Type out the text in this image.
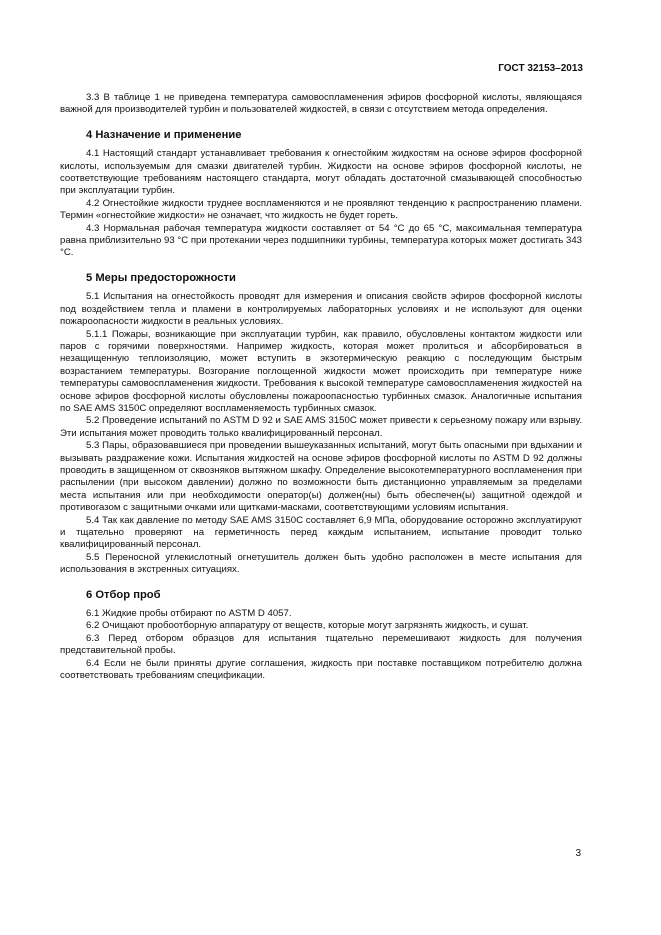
ГОСТ 32153–2013

3.3 В таблице 1 не приведена температура самовоспламенения эфиров фосфорной кислоты, являющаяся важной для производителей турбин и пользователей жидкостей, в связи с отсутствием метода определения.

4 Назначение и применение

4.1 Настоящий стандарт устанавливает требования к огнестойким жидкостям на основе эфиров фосфорной кислоты, используемым для смазки двигателей турбин. Жидкости на основе эфиров фосфорной кислоты, не соответствующие требованиям настоящего стандарта, могут обладать достаточной смазывающей способностью при эксплуатации турбин.

4.2 Огнестойкие жидкости труднее воспламеняются и не проявляют тенденцию к распространению пламени. Термин «огнестойкие жидкости» не означает, что жидкость не будет гореть.

4.3 Нормальная рабочая температура жидкости составляет от 54 °С до 65 °С, максимальная температура равна приблизительно 93 °С при протекании через подшипники турбины, температура которых может достигать 343 °С.

5 Меры предосторожности

5.1 Испытания на огнестойкость проводят для измерения и описания свойств эфиров фосфорной кислоты под воздействием тепла и пламени в контролируемых лабораторных условиях и не используют для оценки пожароопасности жидкости в реальных условиях.

5.1.1 Пожары, возникающие при эксплуатации турбин, как правило, обусловлены контактом жидкости или паров с горячими поверхностями. Например жидкость, которая может пролиться и абсорбироваться в незащищенную теплоизоляцию, может вступить в экзотермическую реакцию с последующим быстрым возрастанием температуры. Возгорание поглощенной жидкости может происходить при температуре ниже температуры самовоспламенения жидкости. Требования к высокой температуре самовоспламенения жидкостей на основе эфиров фосфорной кислоты обусловлены пожароопасностью турбинных смазок. Аналогичные испытания по SAE AMS 3150C определяют воспламеняемость турбинных смазок.

5.2 Проведение испытаний по ASTM D 92 и SAE AMS 3150C может привести к серьезному пожару или взрыву. Эти испытания может проводить только квалифицированный персонал.

5.3 Пары, образовавшиеся при проведении вышеуказанных испытаний, могут быть опасными при вдыхании и вызывать раздражение кожи. Испытания жидкостей на основе эфиров фосфорной кислоты по ASTM D 92 должны проводить в защищенном от сквозняков вытяжном шкафу. Определение высокотемпературного воспламенения при распылении (при высоком давлении) должно по возможности быть дистанционно управляемым за пределами места испытания или при необходимости оператор(ы) должен(ны) быть обеспечен(ы) защитной одеждой и противогазом с защитными очками или щитками-масками, соответствующими условиям испытания.

5.4 Так как давление по методу SAE AMS 3150C составляет 6,9 МПа, оборудование осторожно эксплуатируют и тщательно проверяют на герметичность перед каждым испытанием, испытание проводит только квалифицированный персонал.

5.5 Переносной углекислотный огнетушитель должен быть удобно расположен в месте испытания для использования в экстренных ситуациях.

6 Отбор проб

6.1 Жидкие пробы отбирают по ASTM D 4057.

6.2 Очищают пробоотборную аппаратуру от веществ, которые могут загрязнять жидкость, и сушат.

6.3 Перед отбором образцов для испытания тщательно перемешивают жидкость для получения представительной пробы.

6.4 Если не были приняты другие соглашения, жидкость при поставке поставщиком потребителю должна соответствовать требованиям спецификации.

3
